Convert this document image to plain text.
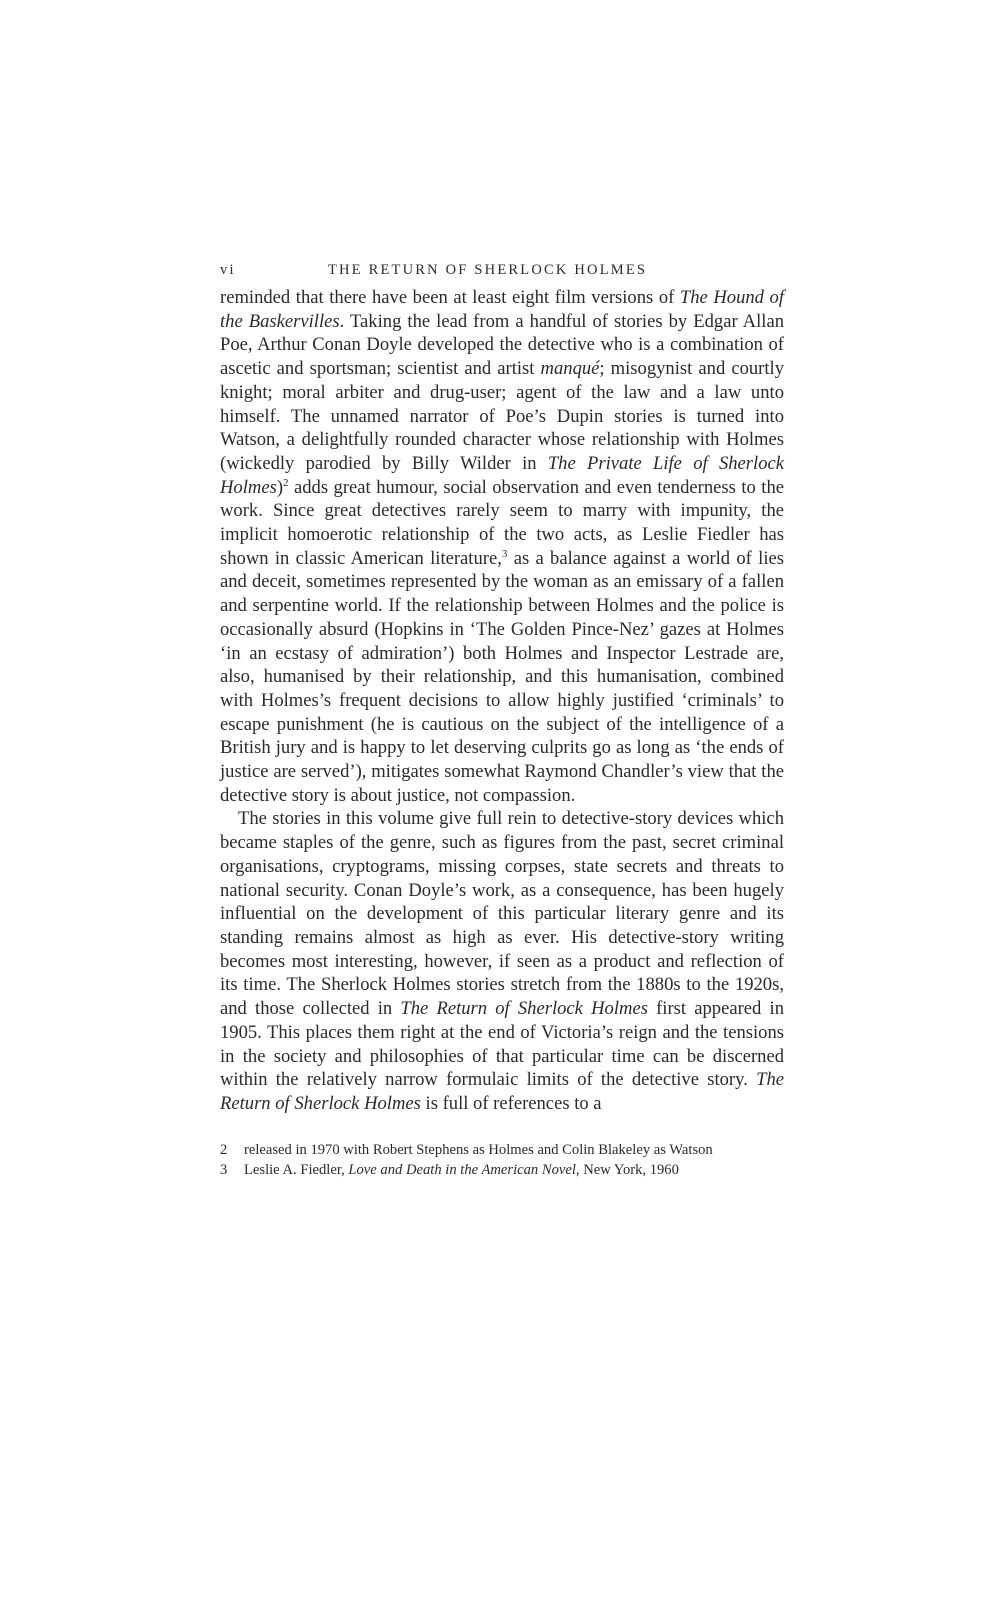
vi	THE RETURN OF SHERLOCK HOLMES

reminded that there have been at least eight film versions of The Hound of the Baskervilles. Taking the lead from a handful of stories by Edgar Allan Poe, Arthur Conan Doyle developed the detective who is a combination of ascetic and sportsman; scientist and artist manqué; misogynist and courtly knight; moral arbiter and drug-user; agent of the law and a law unto himself. The unnamed narrator of Poe’s Dupin stories is turned into Watson, a delightfully rounded character whose relationship with Holmes (wickedly parodied by Billy Wilder in The Private Life of Sherlock Holmes)$^2$ adds great humour, social observation and even tenderness to the work. Since great detectives rarely seem to marry with impunity, the implicit homoerotic relationship of the two acts, as Leslie Fiedler has shown in classic American literature,$^3$ as a balance against a world of lies and deceit, sometimes represented by the woman as an emissary of a fallen and serpentine world. If the relationship between Holmes and the police is occasionally absurd (Hopkins in ‘The Golden Pince-Nez’ gazes at Holmes ‘in an ecstasy of admiration’) both Holmes and Inspector Lestrade are, also, humanised by their relationship, and this humanisation, combined with Holmes’s frequent decisions to allow highly justified ‘criminals’ to escape punishment (he is cautious on the subject of the intelligence of a British jury and is happy to let deserving culprits go as long as ‘the ends of justice are served’), mitigates somewhat Raymond Chandler’s view that the detective story is about justice, not compassion.

The stories in this volume give full rein to detective-story devices which became staples of the genre, such as figures from the past, secret criminal organisations, cryptograms, missing corpses, state secrets and threats to national security. Conan Doyle’s work, as a consequence, has been hugely influential on the development of this particular literary genre and its standing remains almost as high as ever. His detective-story writing becomes most interesting, however, if seen as a product and reflection of its time. The Sherlock Holmes stories stretch from the 1880s to the 1920s, and those collected in The Return of Sherlock Holmes first appeared in 1905. This places them right at the end of Victoria’s reign and the tensions in the society and philosophies of that particular time can be discerned within the relatively narrow formulaic limits of the detective story. The Return of Sherlock Holmes is full of references to a

2 released in 1970 with Robert Stephens as Holmes and Colin Blakeley as Watson
3 Leslie A. Fiedler, Love and Death in the American Novel, New York, 1960
